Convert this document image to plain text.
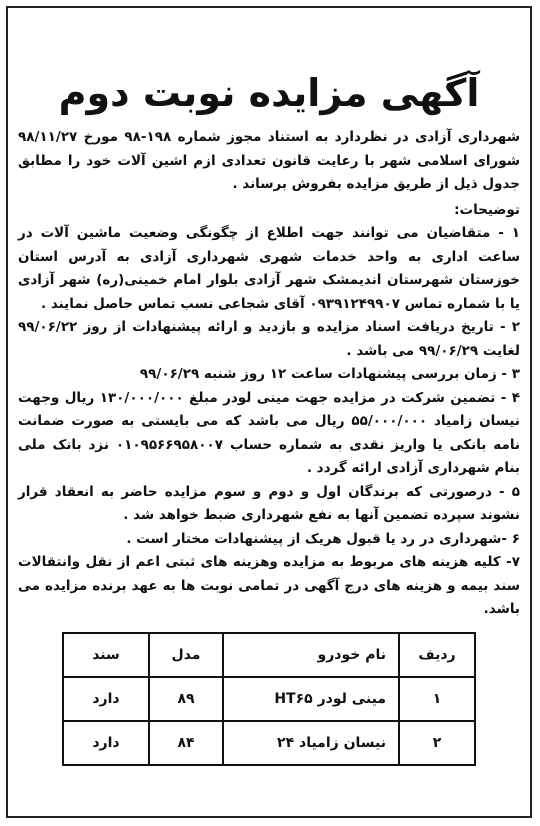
آگهی مزایده نوبت دوم

شهرداری آزادی در نظردارد به استناد مجوز شماره ۱۹۸-۹۸ مورخ ۹۸/۱۱/۲۷ شورای اسلامی شهر با رعایت قانون تعدادی ازم اشین آلات خود را مطابق جدول ذیل از طریق مزایده بفروش برساند .

توضیحات:

۱ - متقاضیان می توانند جهت اطلاع از چگونگی وضعیت ماشین آلات در ساعت اداری به واحد خدمات شهری شهرداری آزادی به آدرس استان خوزستان شهرستان اندیمشک شهر آزادی بلوار امام خمینی(ره) شهر آزادی یا با شماره تماس ۰۹۳۹۱۲۴۹۹۰۷ آقای شجاعی نسب تماس حاصل نمایند .

۲ - تاریخ دریافت اسناد مزایده و بازدید و ارائه پیشنهادات از روز ۹۹/۰۶/۲۲ لغایت ۹۹/۰۶/۲۹ می باشد .

۳ - زمان بررسی پیشنهادات ساعت ۱۲ روز شنبه ۹۹/۰۶/۲۹

۴ - تضمین شرکت در مزایده جهت مینی لودر مبلغ ۱۳۰/۰۰۰/۰۰۰ ریال وجهت نیسان زامیاد ۵۵/۰۰۰/۰۰۰ ریال می باشد که می بایستی به صورت ضمانت نامه بانکی یا واریز نقدی به شماره حساب ۰۱۰۹۵۶۶۹۵۸۰۰۷ نزد بانک ملی بنام شهرداری آزادی ارائه گردد .

۵ - درصورتی که برندگان اول و دوم و سوم مزایده حاضر به انعقاد قرار نشوند سپرده تضمین آنها به نفع شهرداری ضبط خواهد شد .

۶ -شهرداری در رد یا قبول هریک از پیشنهادات مختار است .

۷- کلیه هزینه های مربوط به مزایده وهزینه های ثبتی اعم از نقل وانتقالات سند بیمه و هزینه های درج آگهی در تمامی نوبت ها به عهد برنده مزایده می باشد.

ردیف	نام خودرو	مدل	سند
۱	مینی لودر HT۶۵	۸۹	دارد
۲	نیسان زامیاد ۲۴	۸۴	دارد
